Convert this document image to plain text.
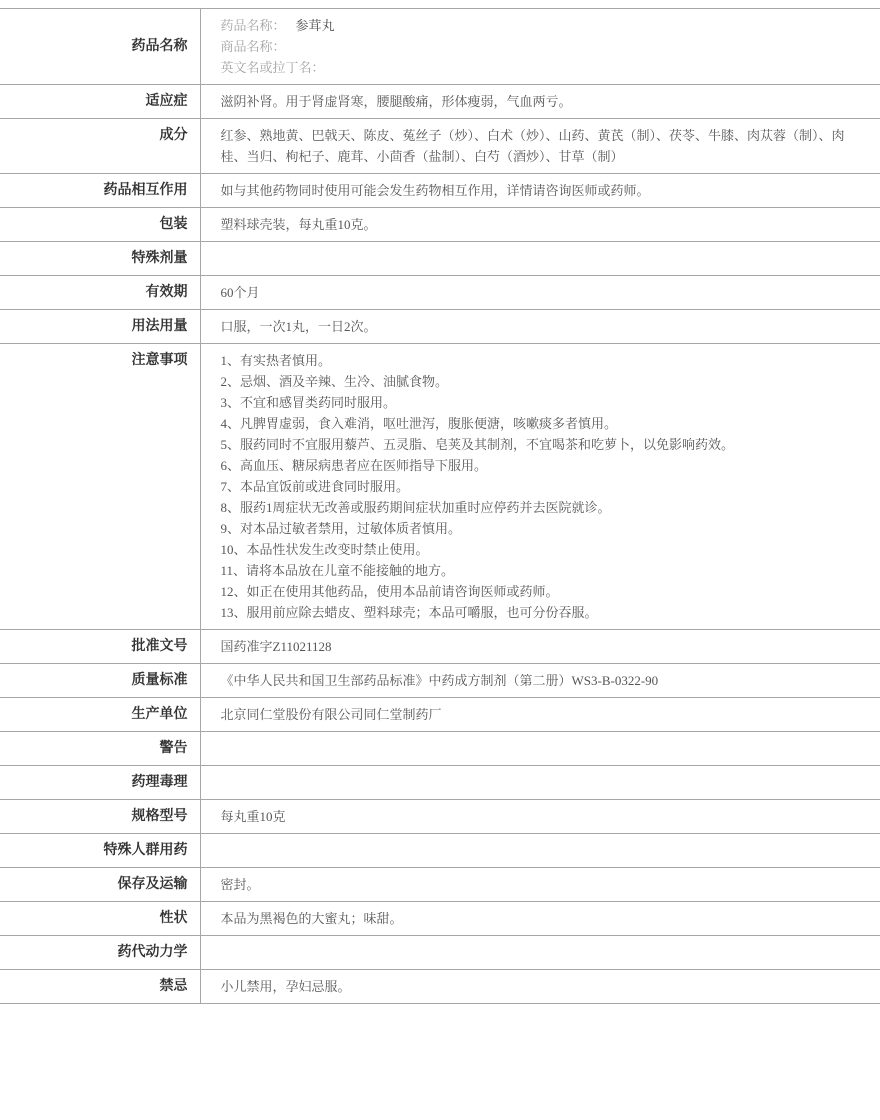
药品名称	药品名称： 参茸丸
商品名称：
英文名或拉丁名：

适应症	滋阴补肾。用于肾虚肾寒，腰腿酸痛，形体瘦弱，气血两亏。
成分	红参、熟地黄、巴戟天、陈皮、菟丝子（炒）、白术（炒）、山药、黄芪（制）、茯苓、牛膝、肉苁蓉（制）、肉桂、当归、枸杞子、鹿茸、小茴香（盐制）、白芍（酒炒）、甘草（制）
药品相互作用	如与其他药物同时使用可能会发生药物相互作用，详情请咨询医师或药师。
包装	塑料球壳装，每丸重10克。
特殊剂量	
有效期	60个月
用法用量	口服，一次1丸，一日2次。
注意事项	1、有实热者慎用。
2、忌烟、酒及辛辣、生冷、油腻食物。
3、不宜和感冒类药同时服用。
4、凡脾胃虚弱，食入难消，呕吐泄泻，腹胀便溏，咳嗽痰多者慎用。
5、服药同时不宜服用藜芦、五灵脂、皂荚及其制剂，不宜喝茶和吃萝卜，以免影响药效。
6、高血压、糖尿病患者应在医师指导下服用。
7、本品宜饭前或进食同时服用。
8、服药1周症状无改善或服药期间症状加重时应停药并去医院就诊。
9、对本品过敏者禁用，过敏体质者慎用。
10、本品性状发生改变时禁止使用。
11、请将本品放在儿童不能接触的地方。
12、如正在使用其他药品，使用本品前请咨询医师或药师。
13、服用前应除去蜡皮、塑料球壳；本品可嚼服，也可分份吞服。

批准文号	国药准字Z11021128
质量标准	《中华人民共和国卫生部药品标准》中药成方制剂（第二册）WS3-B-0322-90
生产单位	北京同仁堂股份有限公司同仁堂制药厂
警告	
药理毒理	
规格型号	每丸重10克
特殊人群用药	
保存及运输	密封。
性状	本品为黑褐色的大蜜丸；味甜。
药代动力学	
禁忌	小儿禁用，孕妇忌服。
